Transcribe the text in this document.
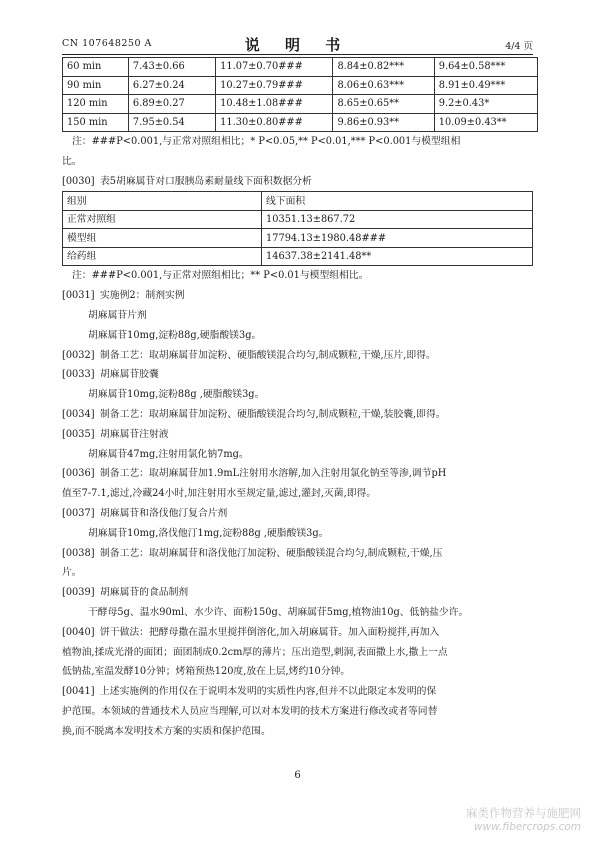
CN 107648250 A	说 明 书	4/4 页
60 min	7.43±0.66	11.07±0.70###	8.84±0.82***	9.64±0.58***
90 min	6.27±0.24	10.27±0.79###	8.06±0.63***	8.91±0.49***
120 min	6.89±0.27	10.48±1.08###	8.65±0.65**	9.2±0.43*
150 min	7.95±0.54	11.30±0.80###	9.86±0.93**	10.09±0.43**
注：###P<0.001,与正常对照组相比；* P<0.05,** P<0.01,*** P<0.001与模型组相
比。
[0030] 表5胡麻属苷对口服胰岛素耐量线下面积数据分析
组别	线下面积
正常对照组	10351.13±867.72
模型组	17794.13±1980.48###
给药组	14637.38±2141.48**
注：###P<0.001,与正常对照组相比；** P<0.01与模型组相比。
[0031] 实施例2：制剂实例
胡麻属苷片剂
胡麻属苷10mg,淀粉88g,硬脂酸镁3g。
[0032] 制备工艺：取胡麻属苷加淀粉、硬脂酸镁混合均匀,制成颗粒,干燥,压片,即得。
[0033] 胡麻属苷胶囊
胡麻属苷10mg,淀粉88g ,硬脂酸镁3g。
[0034] 制备工艺：取胡麻属苷加淀粉、硬脂酸镁混合均匀,制成颗粒,干燥,装胶囊,即得。
[0035] 胡麻属苷注射液
胡麻属苷47mg,注射用氯化钠7mg。
[0036] 制备工艺：取胡麻属苷加1.9mL注射用水溶解,加入注射用氯化钠至等渗,调节pH
值至7-7.1,滤过,冷藏24小时,加注射用水至规定量,滤过,灌封,灭菌,即得。
[0037] 胡麻属苷和洛伐他汀复合片剂
胡麻属苷10mg,洛伐他汀1mg,淀粉88g ,硬脂酸镁3g。
[0038] 制备工艺：取胡麻属苷和洛伐他汀加淀粉、硬脂酸镁混合均匀,制成颗粒,干燥,压
片。
[0039] 胡麻属苷的食品制剂
干酵母5g、温水90ml、水少许、面粉150g、胡麻属苷5mg,植物油10g、低钠盐少许。
[0040] 饼干做法：把酵母撒在温水里搅拌倒溶化,加入胡麻属苷。加入面粉搅拌,再加入
植物油,揉成光滑的面团；面团制成0.2cm厚的薄片；压出造型,刺洞,表面撒上水,撒上一点
低钠盐,室温发酵10分钟；烤箱预热120度,放在上层,烤约10分钟。
[0041] 上述实施例的作用仅在于说明本发明的实质性内容,但并不以此限定本发明的保
护范围。本领域的普通技术人员应当理解,可以对本发明的技术方案进行修改或者等同替
换,而不脱离本发明技术方案的实质和保护范围。
6
麻类作物营养与施肥网
www.fibercrops.com
